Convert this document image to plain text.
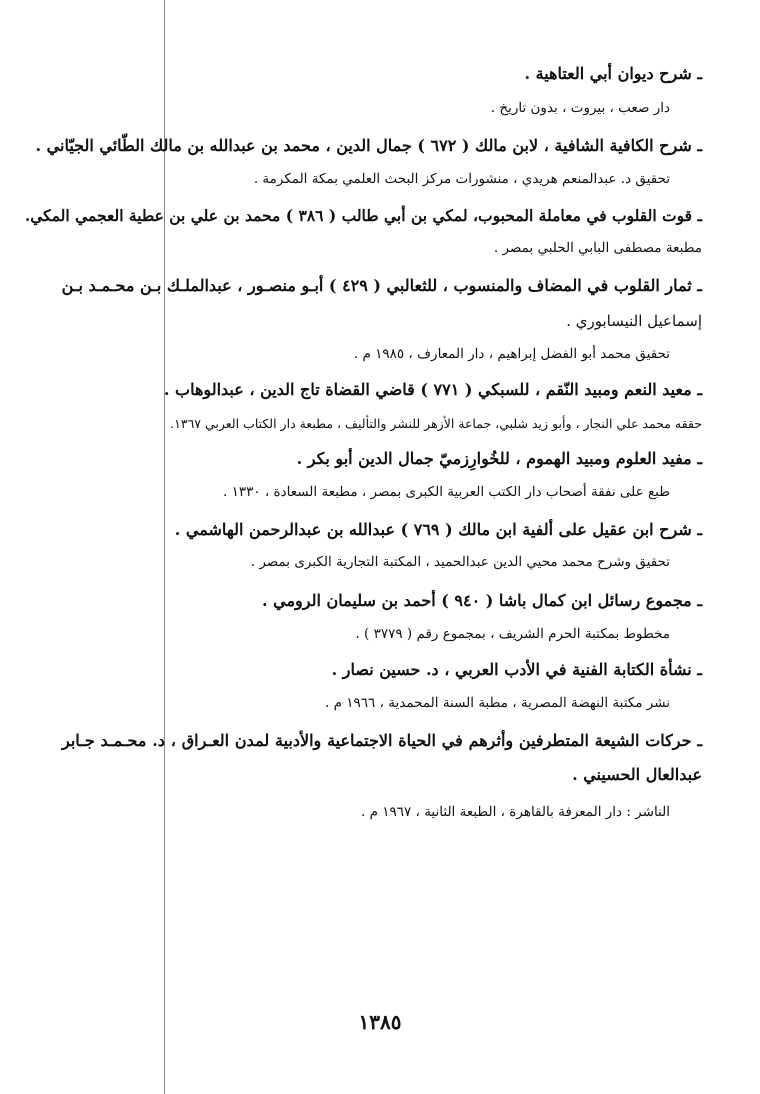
ـ شرح ديوان أبي العتاهية .
دار صعب ، بيروت ، بدون تاريخ .
ـ شرح الكافية الشافية ، لابن مالك ( ٦٧٢ ) جمال الدين ، محمد بن عبدالله بن مالك الطّائي الجيّاني .
تحقيق د. عبدالمنعم هريدي ، منشورات مركز البحث العلمي بمكة المكرمة .
ـ قوت القلوب في معاملة المحبوب، لمكي بن أبي طالب ( ٣٨٦ ) محمد بن علي بن عطية العجمي المكي.
مطبعة مصطفى البابي الحلبي بمصر .
ـ ثمار القلوب في المضاف والمنسوب ، للثعالبي ( ٤٢٩ ) أبـو منصـور ، عبدالملـك بـن محـمـد بـن
إسماعيل النيسابوري .
تحقيق محمد أبو الفضل إبراهيم ، دار المعارف ، ١٩٨٥ م .
ـ معيد النعم ومبيد النّقم ، للسبكي ( ٧٧١ ) قاضي القضاة تاج الدين ، عبدالوهاب .
حققه محمد علي النجار ، وأبو زيد شلبي، جماعة الأزهر للنشر والتأليف ، مطبعة دار الكتاب العربي ١٣٦٧.
ـ مفيد العلوم ومبيد الهموم ، للخُوارِزميّ جمال الدين أبو بكر .
طبع على نفقة أصحاب دار الكتب العربية الكبرى بمصر ، مطبعة السعادة ، ١٣٣٠ .
ـ شرح ابن عقيل على ألفية ابن مالك ( ٧٦٩ ) عبدالله بن عبدالرحمن الهاشمي .
تحقيق وشرح محمد محيي الدين عبدالحميد ، المكتبة التجارية الكبرى بمصر .
ـ مجموع رسائل ابن كمال باشا ( ٩٤٠ ) أحمد بن سليمان الرومي .
مخطوط بمكتبة الحرم الشريف ، بمجموع رقم ( ٣٧٧٩ ) .
ـ نشأة الكتابة الفنية في الأدب العربي ، د. حسين نصار .
نشر مكتبة النهضة المصرية ، مطبة السنة المحمدية ، ١٩٦٦ م .
ـ حركات الشيعة المتطرفين وأثرهم في الحياة الاجتماعية والأدبية لمدن العـراق ، د. محـمـد جـابر
عبدالعال الحسيني .
الناشر : دار المعرفة بالقاهرة ، الطبعة الثانية ، ١٩٦٧ م .
١٣٨٥
